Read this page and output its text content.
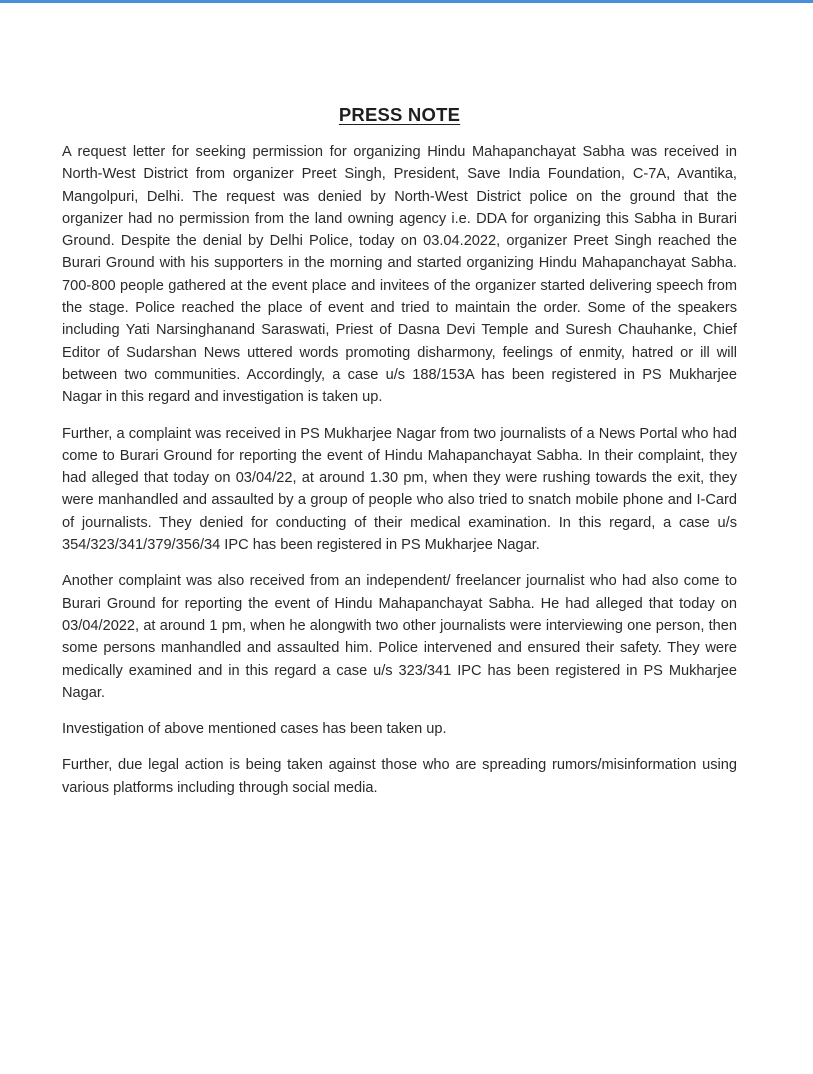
PRESS NOTE

A request letter for seeking permission for organizing Hindu Mahapanchayat Sabha was received in North-West District from organizer Preet Singh, President, Save India Foundation, C-7A, Avantika, Mangolpuri, Delhi. The request was denied by North-West District police on the ground that the organizer had no permission from the land owning agency i.e. DDA for organizing this Sabha in Burari Ground. Despite the denial by Delhi Police, today on 03.04.2022, organizer Preet Singh reached the Burari Ground with his supporters in the morning and started organizing Hindu Mahapanchayat Sabha. 700-800 people gathered at the event place and invitees of the organizer started delivering speech from the stage. Police reached the place of event and tried to maintain the order. Some of the speakers including Yati Narsinghanand Saraswati, Priest of Dasna Devi Temple and Suresh Chauhanke, Chief Editor of Sudarshan News uttered words promoting disharmony, feelings of enmity, hatred or ill will between two communities. Accordingly, a case u/s 188/153A has been registered in PS Mukharjee Nagar in this regard and investigation is taken up.

Further, a complaint was received in PS Mukharjee Nagar from two journalists of a News Portal who had come to Burari Ground for reporting the event of Hindu Mahapanchayat Sabha. In their complaint, they had alleged that today on 03/04/22, at around 1.30 pm, when they were rushing towards the exit, they were manhandled and assaulted by a group of people who also tried to snatch mobile phone and I-Card of journalists. They denied for conducting of their medical examination. In this regard, a case u/s 354/323/341/379/356/34 IPC has been registered in PS Mukharjee Nagar.

Another complaint was also received from an independent/ freelancer journalist who had also come to Burari Ground for reporting the event of Hindu Mahapanchayat Sabha. He had alleged that today on 03/04/2022, at around 1 pm, when he alongwith two other journalists were interviewing one person, then some persons manhandled and assaulted him. Police intervened and ensured their safety. They were medically examined and in this regard a case u/s 323/341 IPC has been registered in PS Mukharjee Nagar.

Investigation of above mentioned cases has been taken up.

Further, due legal action is being taken against those who are spreading rumors/misinformation using various platforms including through social media.
